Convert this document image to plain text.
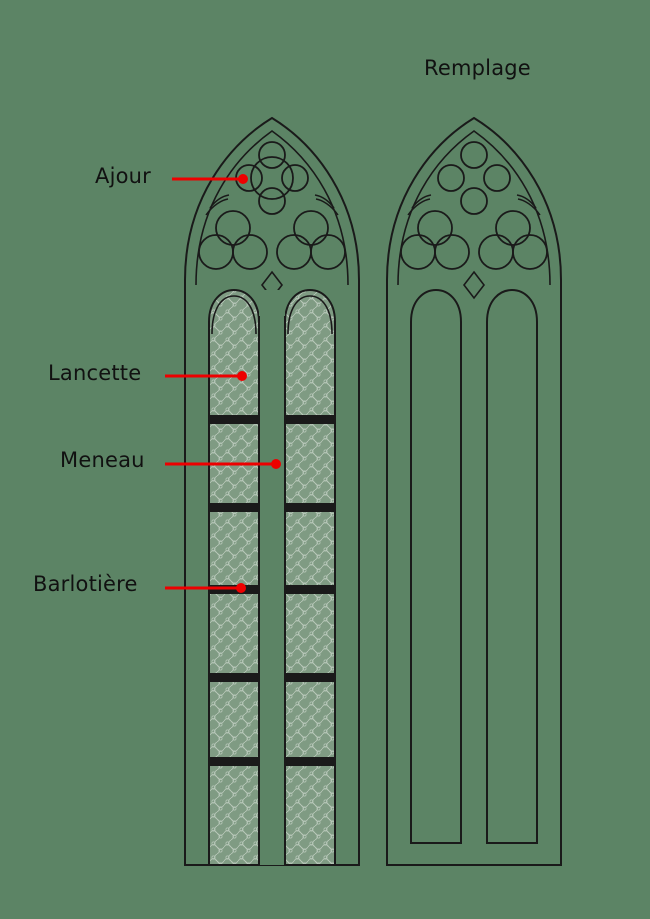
Remplage
Ajour
Lancette
Meneau
Barlotière
